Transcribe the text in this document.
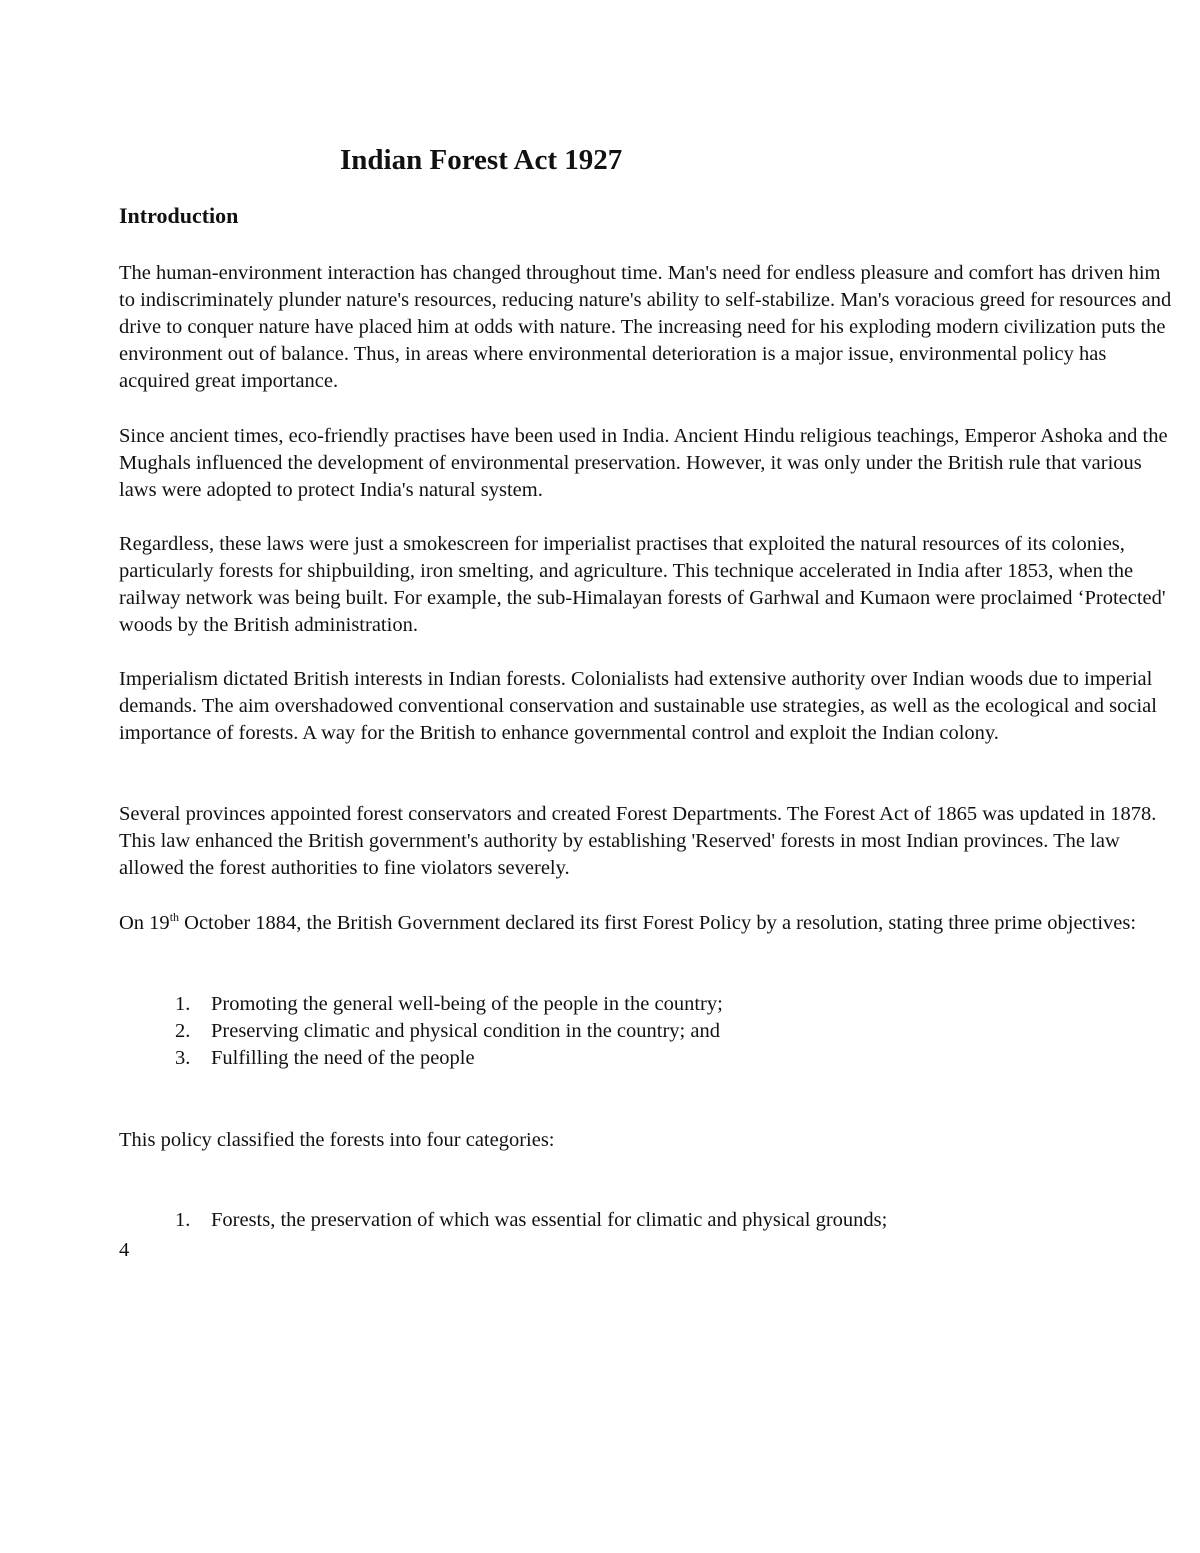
Indian Forest Act 1927
Introduction

The human-environment interaction has changed throughout time. Man's need for endless pleasure and comfort has driven him to indiscriminately plunder nature's resources, reducing nature's ability to self-stabilize. Man's voracious greed for resources and drive to conquer nature have placed him at odds with nature. The increasing need for his exploding modern civilization puts the environment out of balance. Thus, in areas where environmental deterioration is a major issue, environmental policy has acquired great importance.

Since ancient times, eco-friendly practises have been used in India. Ancient Hindu religious teachings, Emperor Ashoka and the Mughals influenced the development of environmental preservation. However, it was only under the British rule that various laws were adopted to protect India's natural system.

Regardless, these laws were just a smokescreen for imperialist practises that exploited the natural resources of its colonies, particularly forests for shipbuilding, iron smelting, and agriculture. This technique accelerated in India after 1853, when the railway network was being built. For example, the sub-Himalayan forests of Garhwal and Kumaon were proclaimed ‘Protected' woods by the British administration.

Imperialism dictated British interests in Indian forests. Colonialists had extensive authority over Indian woods due to imperial demands. The aim overshadowed conventional conservation and sustainable use strategies, as well as the ecological and social importance of forests. A way for the British to enhance governmental control and exploit the Indian colony.

Several provinces appointed forest conservators and created Forest Departments. The Forest Act of 1865 was updated in 1878. This law enhanced the British government's authority by establishing 'Reserved' forests in most Indian provinces. The law allowed the forest authorities to fine violators severely.

On 19th October 1884, the British Government declared its first Forest Policy by a resolution, stating three prime objectives:

1. Promoting the general well-being of the people in the country;
2. Preserving climatic and physical condition in the country; and
3. Fulfilling the need of the people

This policy classified the forests into four categories:

1. Forests, the preservation of which was essential for climatic and physical grounds;

4
